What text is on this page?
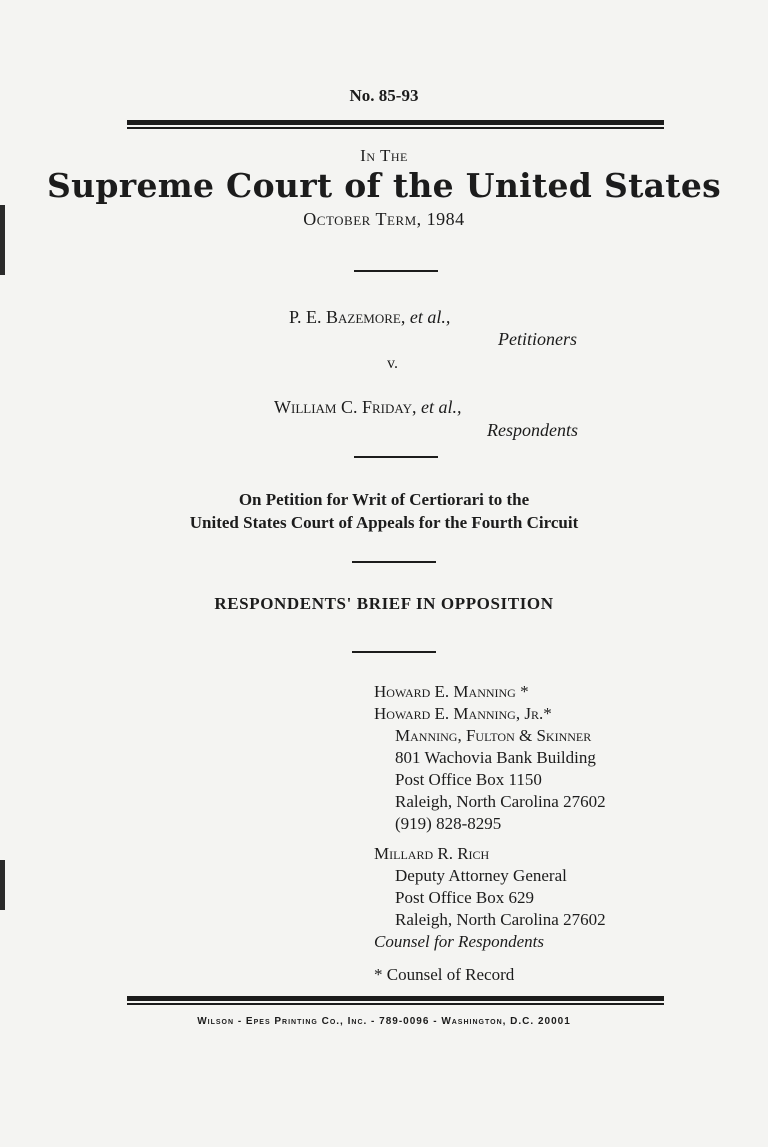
No. 85-93
In The
Supreme Court of the United States
October Term, 1984
P. E. Bazemore, et al.,
Petitioners
v.
William C. Friday, et al.,
Respondents
On Petition for Writ of Certiorari to the
United States Court of Appeals for the Fourth Circuit
RESPONDENTS' BRIEF IN OPPOSITION
Howard E. Manning *
Howard E. Manning, Jr.*
Manning, Fulton & Skinner
801 Wachovia Bank Building
Post Office Box 1150
Raleigh, North Carolina 27602
(919) 828-8295
Millard R. Rich
Deputy Attorney General
Post Office Box 629
Raleigh, North Carolina 27602
Counsel for Respondents
* Counsel of Record
Wilson - Epes Printing Co., Inc. - 789-0096 - Washington, D.C. 20001
